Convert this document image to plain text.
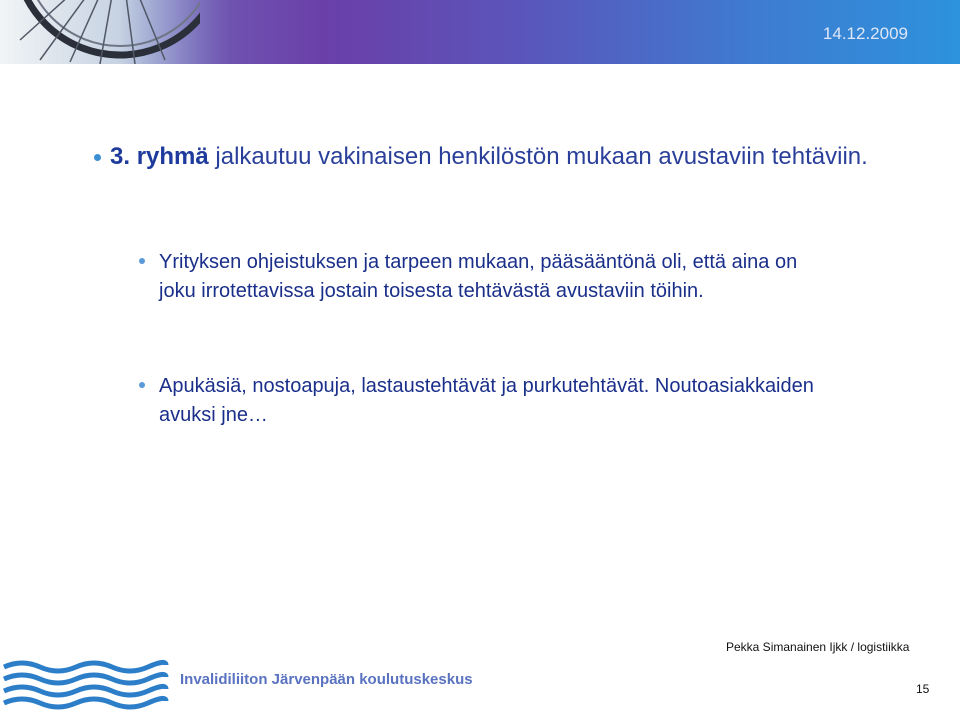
14.12.2009
3. ryhmä jalkautuu vakinaisen henkilöstön mukaan avustaviin tehtäviin.
Yrityksen ohjeistuksen ja tarpeen mukaan, pääsääntönä oli, että aina on joku irrotettavissa jostain toisesta tehtävästä avustaviin töihin.
Apukäsiä, nostoapuja, lastaustehtävät ja purkutehtävät. Noutoasiakkaiden avuksi jne…
Pekka Simanainen Ijkk / logistiikka
Invalidiliiton Järvenpään koulutuskeskus
15
